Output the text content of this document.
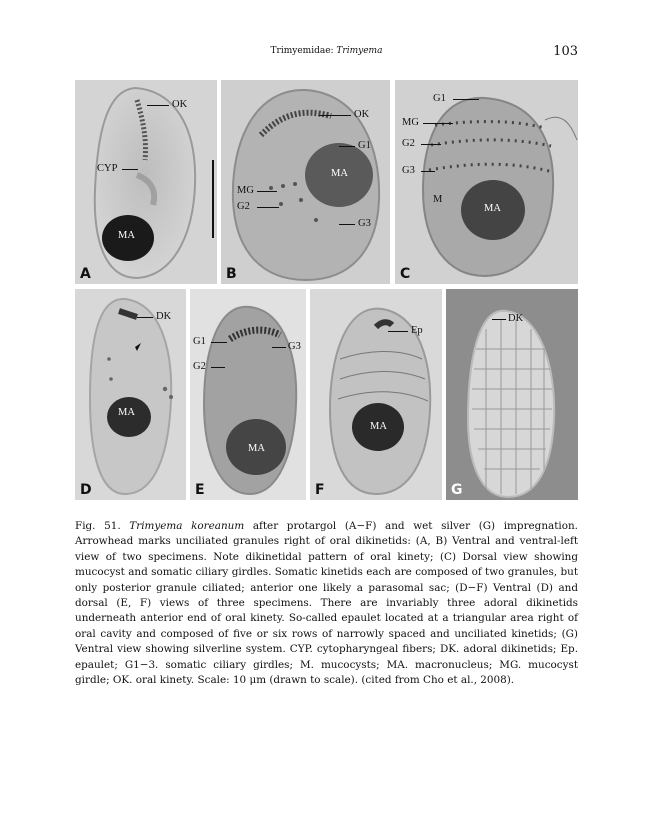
Trimyemidae: Trimyema	103
OK
CYP
MA
A
OK
G1
MA
MG
G2
G3
B
G1
MG
G2
G3
M
MA
C
DK
MA
D
G1	G3
G2
MA
E
Ep
MA
F
DK
G
Fig. 51. Trimyema koreanum after protargol (A−F) and wet silver (G) impregnation. Arrowhead marks unciliated granules right of oral dikinetids: (A, B) Ventral and ventral-left view of two specimens. Note dikinetidal pattern of oral kinety; (C) Dorsal view showing mucocyst and somatic ciliary girdles. Somatic kinetids each are composed of two granules, but only posterior granule ciliated; anterior one likely a parasomal sac; (D−F) Ventral (D) and dorsal (E, F) views of three specimens. There are invariably three adoral dikinetids underneath anterior end of oral kinety. So-called epaulet located at a triangular area right of oral cavity and composed of five or six rows of narrowly spaced and unciliated kinetids; (G) Ventral view showing silverline system. CYP. cytopharyngeal fibers; DK. adoral dikinetids; Ep. epaulet; G1−3. somatic ciliary girdles; M. mucocysts; MA. macronucleus; MG. mucocyst girdle; OK. oral kinety. Scale: 10 μm (drawn to scale). (cited from Cho et al., 2008).
